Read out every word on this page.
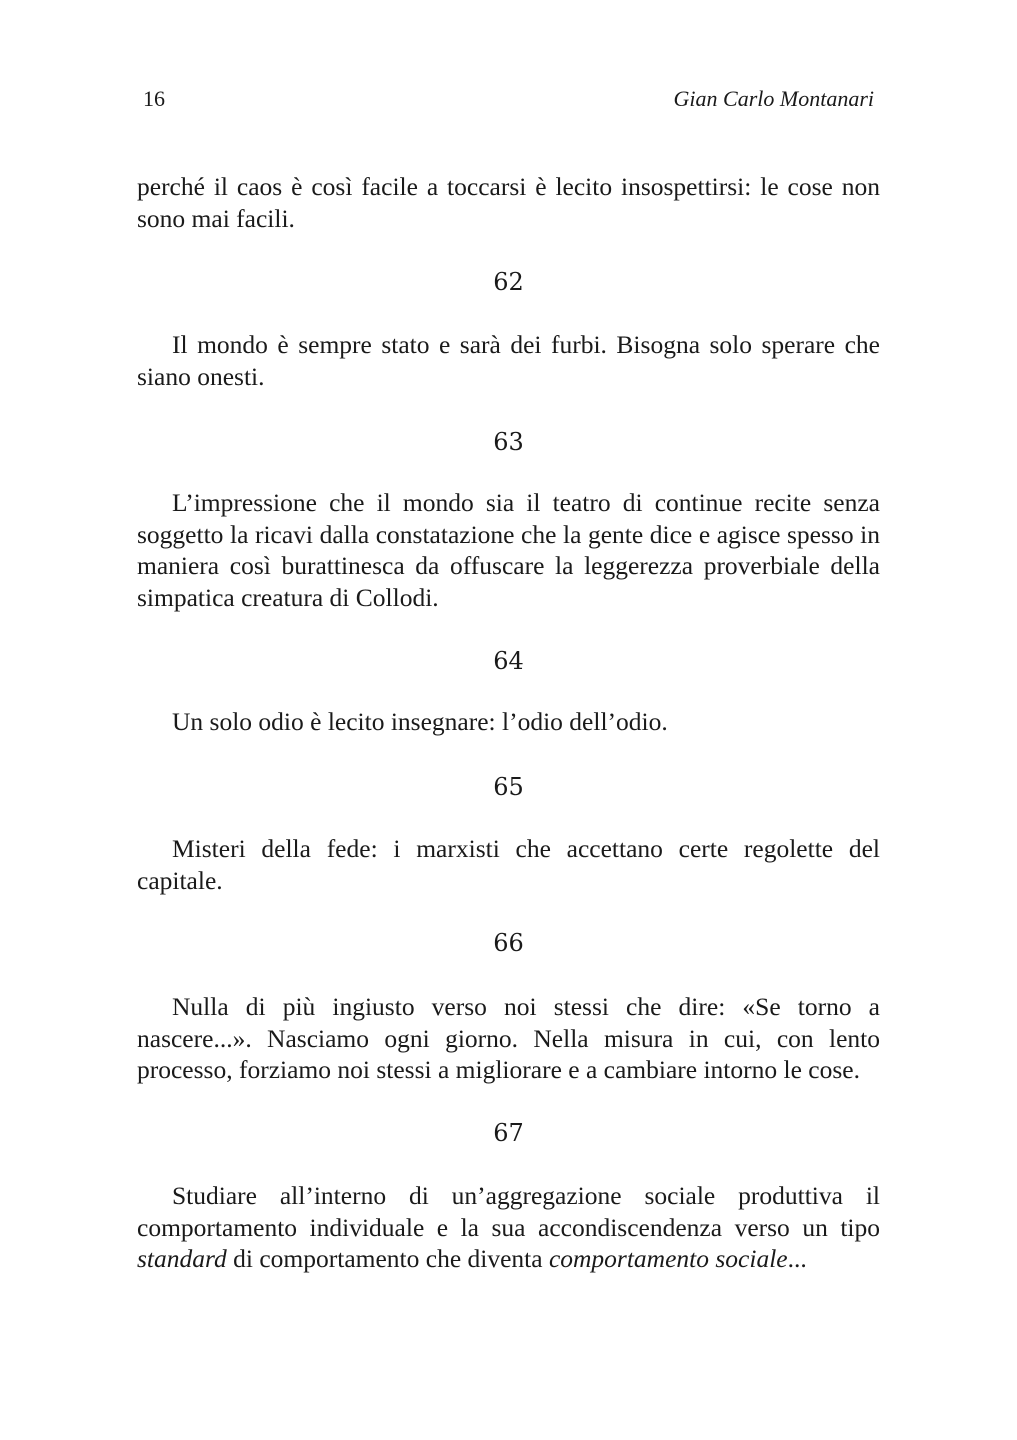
16	Gian Carlo Montanari

perché il caos è così facile a toccarsi è lecito insospettirsi: le cose non sono mai facili.

62

Il mondo è sempre stato e sarà dei furbi. Bisogna solo sperare che siano onesti.

63

L’impressione che il mondo sia il teatro di continue recite senza soggetto la ricavi dalla constatazione che la gente dice e agisce spesso in maniera così burattinesca da offuscare la leggerezza proverbiale della simpatica creatura di Collodi.

64

Un solo odio è lecito insegnare: l’odio dell’odio.

65

Misteri della fede: i marxisti che accettano certe regolette del capitale.

66

Nulla di più ingiusto verso noi stessi che dire: «Se torno a nascere...». Nasciamo ogni giorno. Nella misura in cui, con lento processo, forziamo noi stessi a migliorare e a cambiare intorno le cose.

67

Studiare all’interno di un’aggregazione sociale produttiva il comportamento individuale e la sua accondiscendenza verso un tipo standard di comportamento che diventa comportamento sociale...
